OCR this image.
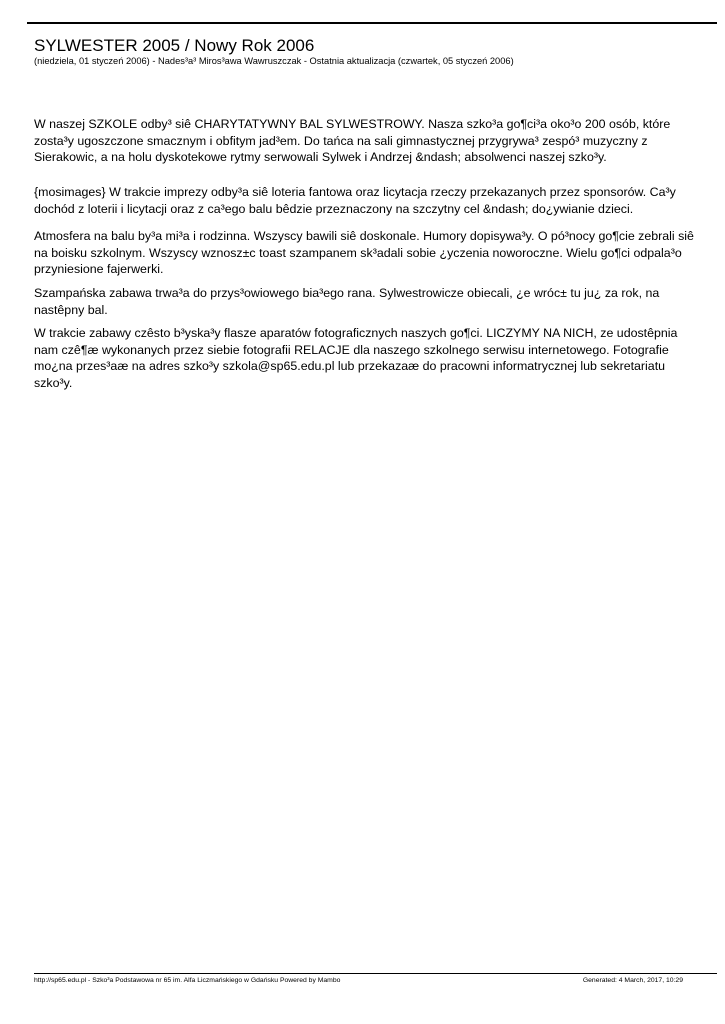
SYLWESTER 2005 / Nowy Rok 2006
(niedziela, 01 styczeń 2006) - Nades³a³ Miros³awa Wawruszczak - Ostatnia aktualizacja (czwartek, 05 styczeń 2006)

W naszej SZKOLE odby³ siê CHARYTATYWNY BAL SYLWESTROWY. Nasza szko³a go¶ci³a oko³o 200 osób, które zosta³y ugoszczone smacznym i obfitym jad³em. Do tańca na sali gimnastycznej przygrywa³ zespó³ muzyczny z Sierakowic, a na holu dyskotekowe rytmy serwowali Sylwek i Andrzej &ndash; absolwenci naszej szko³y.

{mosimages} W trakcie imprezy odby³a siê loteria fantowa oraz licytacja rzeczy przekazanych przez sponsorów. Ca³y dochód z loterii i licytacji oraz z ca³ego balu bêdzie przeznaczony na szczytny cel &ndash; do¿ywianie dzieci.

Atmosfera na balu by³a mi³a i rodzinna. Wszyscy bawili siê doskonale. Humory dopisywa³y. O pó³nocy go¶cie zebrali siê na boisku szkolnym. Wszyscy wznosz±c toast szampanem sk³adali sobie ¿yczenia noworoczne. Wielu go¶ci odpala³o przyniesione fajerwerki.

Szampańska zabawa trwa³a do przys³owiowego bia³ego rana. Sylwestrowicze obiecali, ¿e wróc± tu ju¿ za rok, na nastêpny bal.

W trakcie zabawy czêsto b³yska³y flasze aparatów fotograficznych naszych go¶ci. LICZYMY NA NICH, ze udostêpnia nam czê¶æ wykonanych przez siebie fotografii RELACJE dla naszego szkolnego serwisu internetowego. Fotografie mo¿na przes³aæ na adres szko³y szkola@sp65.edu.pl lub przekazaæ do pracowni informatrycznej lub sekretariatu szko³y.

http://sp65.edu.pl - Szko³a Podstawowa nr 65 im. Alfa Liczmańskiego w Gdańsku Powered by Mambo	Generated: 4 March, 2017, 10:29
